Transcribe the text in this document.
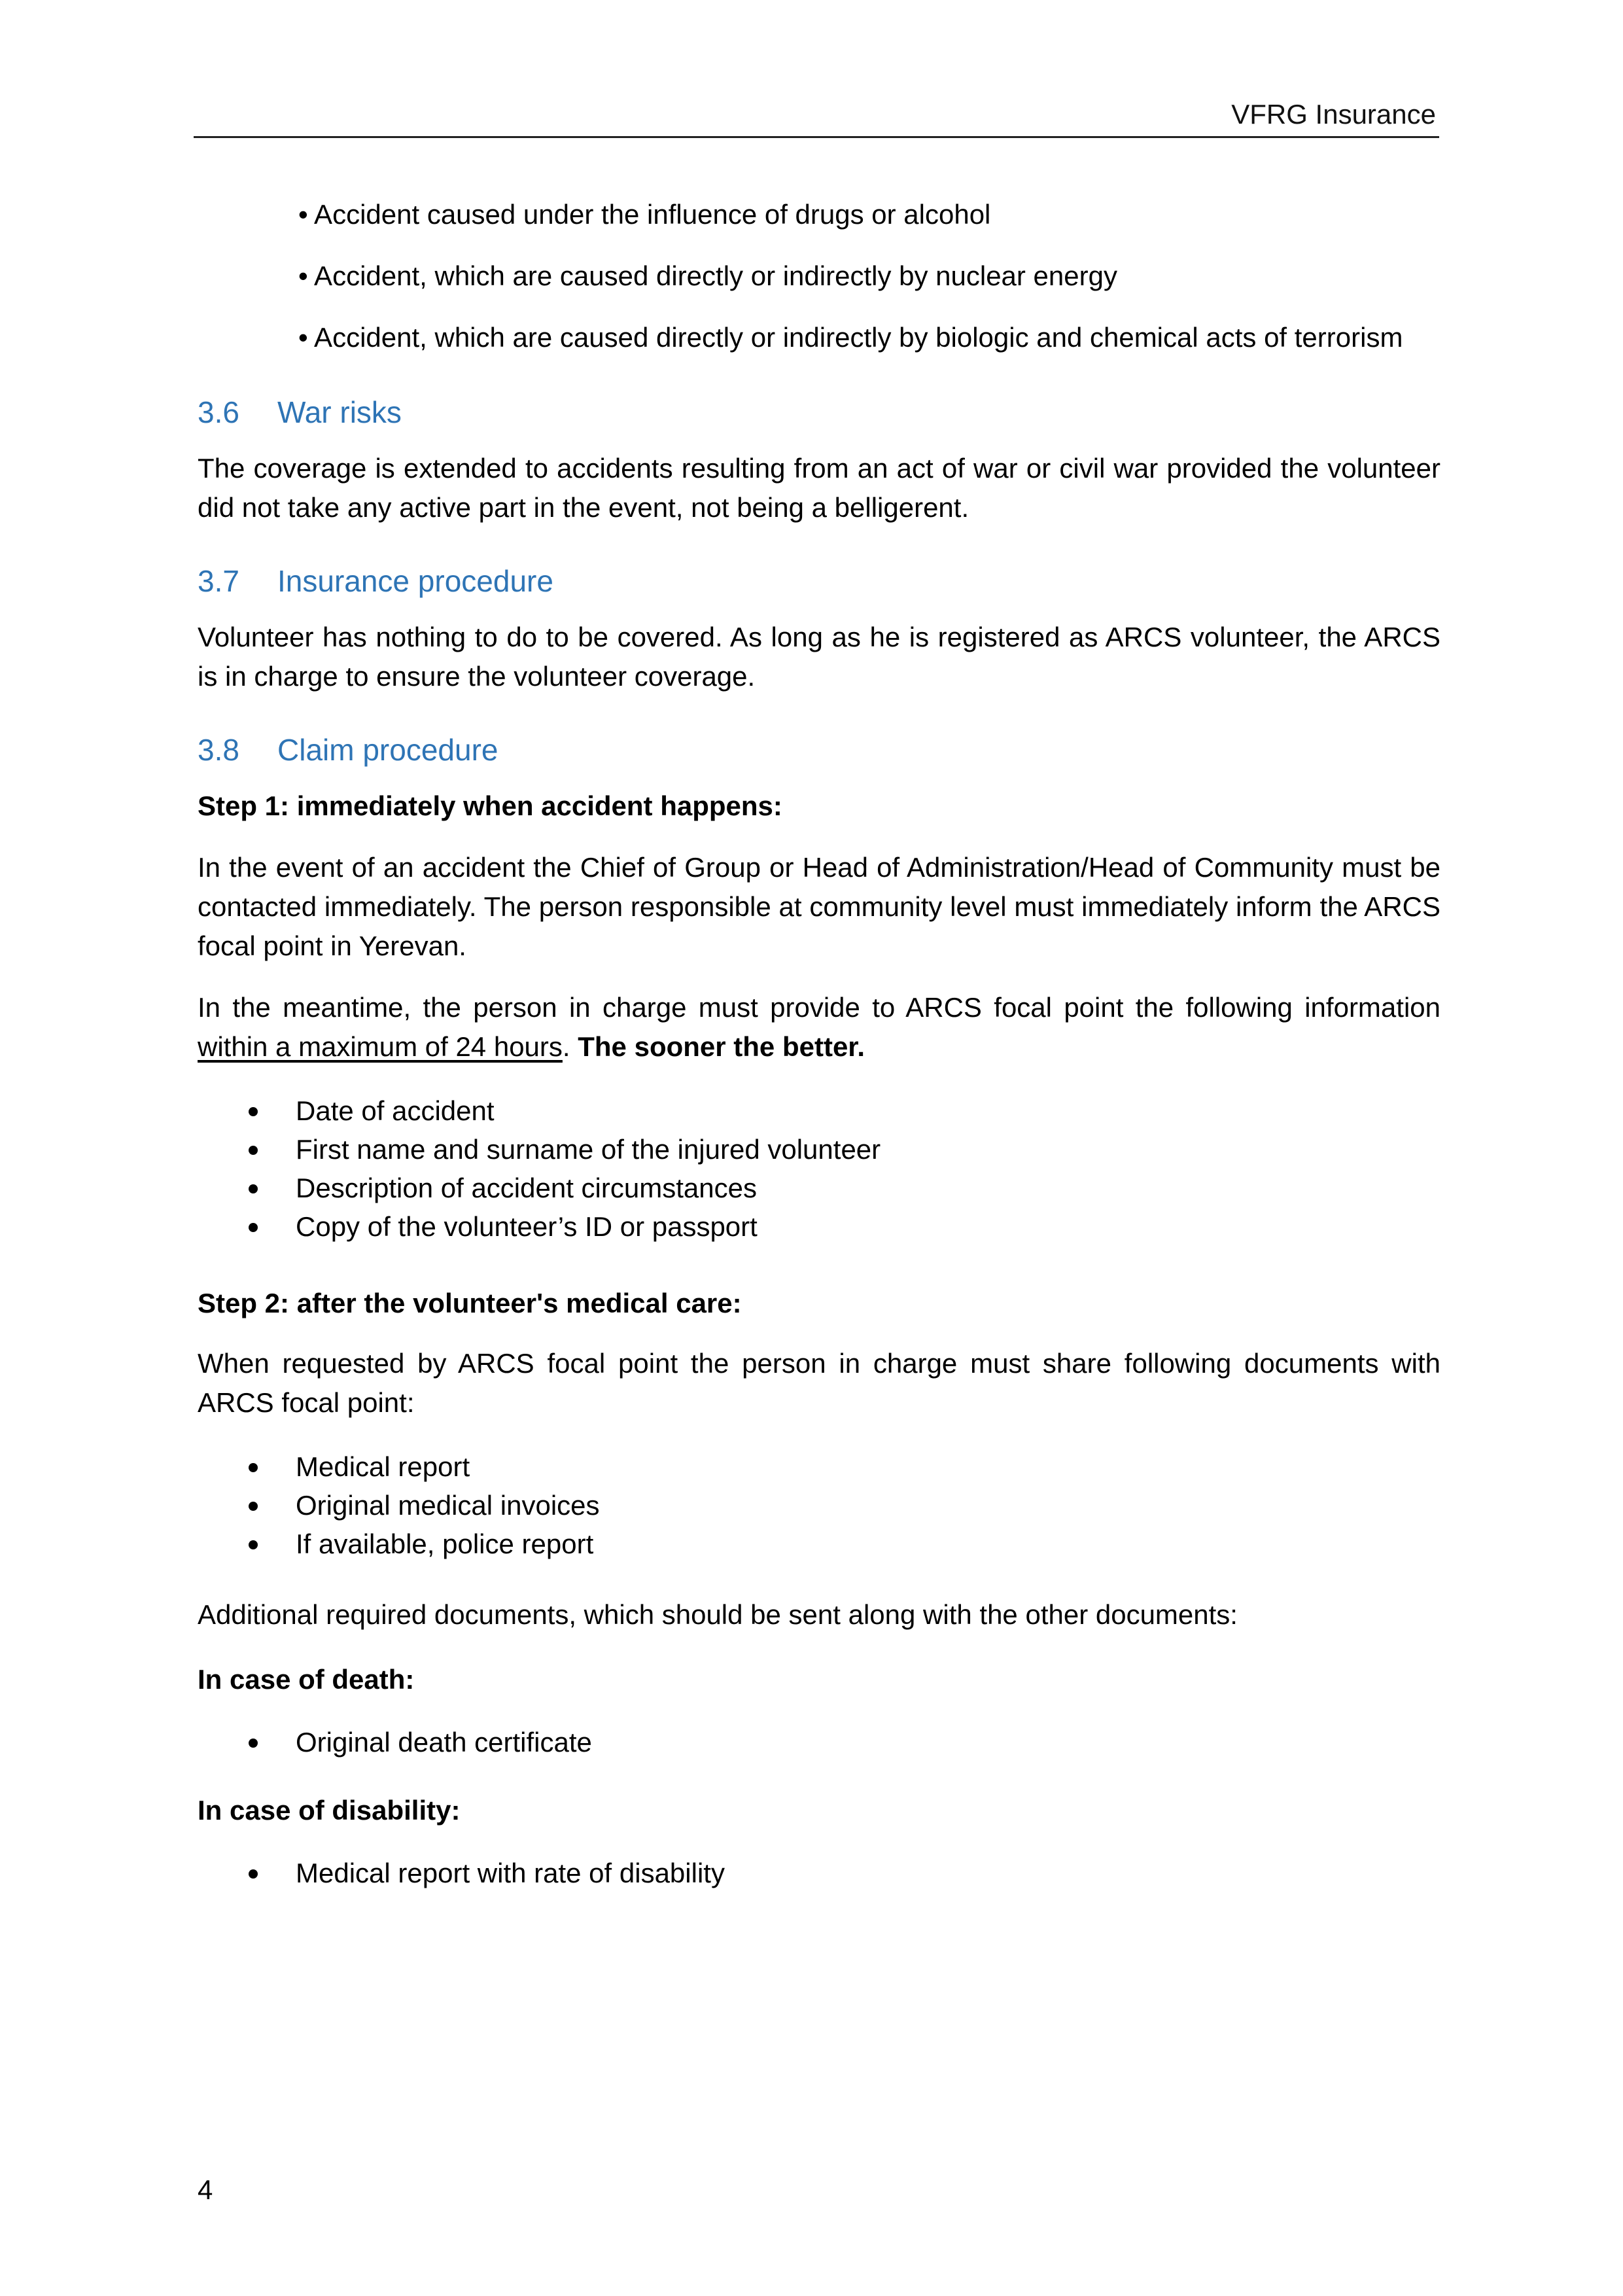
VFRG Insurance
• Accident caused under the influence of drugs or alcohol
• Accident, which are caused directly or indirectly by nuclear energy
• Accident, which are caused directly or indirectly by biologic and chemical acts of terrorism
3.6 War risks
The coverage is extended to accidents resulting from an act of war or civil war provided the volunteer did not take any active part in the event, not being a belligerent.
3.7 Insurance procedure
Volunteer has nothing to do to be covered. As long as he is registered as ARCS volunteer, the ARCS is in charge to ensure the volunteer coverage.
3.8 Claim procedure
Step 1: immediately when accident happens:
In the event of an accident the Chief of Group or Head of Administration/Head of Community must be contacted immediately. The person responsible at community level must immediately inform the ARCS focal point in Yerevan.
In the meantime, the person in charge must provide to ARCS focal point the following information within a maximum of 24 hours. The sooner the better.
Date of accident
First name and surname of the injured volunteer
Description of accident circumstances
Copy of the volunteer’s ID or passport
Step 2: after the volunteer's medical care:
When requested by ARCS focal point the person in charge must share following documents with ARCS focal point:
Medical report
Original medical invoices
If available, police report
Additional required documents, which should be sent along with the other documents:
In case of death:
Original death certificate
In case of disability:
Medical report with rate of disability
4
